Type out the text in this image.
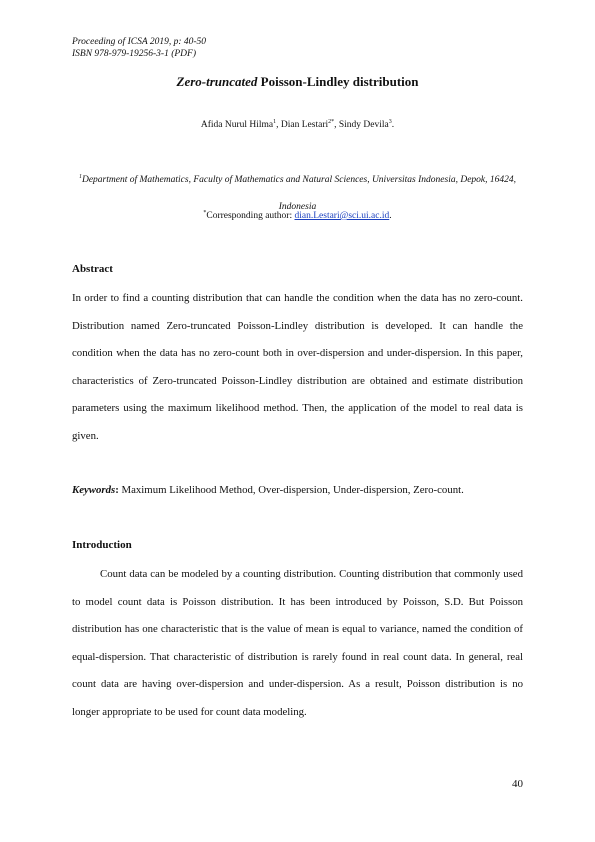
Proceeding of ICSA 2019, p: 40-50
ISBN 978-979-19256-3-1 (PDF)
Zero-truncated Poisson-Lindley distribution
Afida Nurul Hilma$^1$, Dian Lestari$^{2*}$, Sindy Devila$^3$.
$^1$Department of Mathematics, Faculty of Mathematics and Natural Sciences, Universitas Indonesia, Depok, 16424, Indonesia
*Corresponding author: dian.Lestari@sci.ui.ac.id.
Abstract

In order to find a counting distribution that can handle the condition when the data has no zero-count. Distribution named Zero-truncated Poisson-Lindley distribution is developed. It can handle the condition when the data has no zero-count both in over-dispersion and under-dispersion. In this paper, characteristics of Zero-truncated Poisson-Lindley distribution are obtained and estimate distribution parameters using the maximum likelihood method. Then, the application of the model to real data is given.

Keywords: Maximum Likelihood Method, Over-dispersion, Under-dispersion, Zero-count.
Introduction

Count data can be modeled by a counting distribution. Counting distribution that commonly used to model count data is Poisson distribution. It has been introduced by Poisson, S.D. But Poisson distribution has one characteristic that is the value of mean is equal to variance, named the condition of equal-dispersion. That characteristic of distribution is rarely found in real count data. In general, real count data are having over-dispersion and under-dispersion. As a result, Poisson distribution is no longer appropriate to be used for count data modeling.

40
